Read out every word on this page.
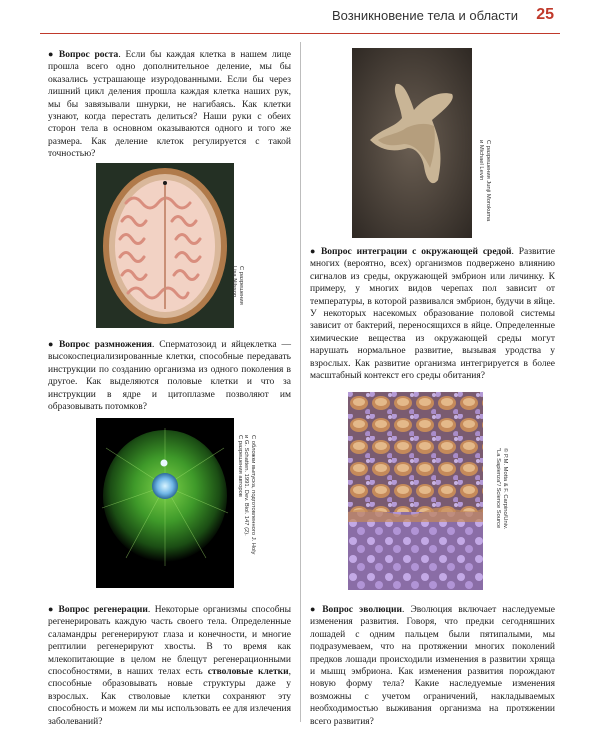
Возникновение тела и области 25

● Вопрос роста. Если бы каждая клетка в нашем лице прошла всего одно дополнительное деление, мы бы оказались устрашающе изуродованными. Если бы через лишний цикл деления прошла каждая клетка наших рук, мы бы завязывали шнурки, не нагибаясь. Как клетки узнают, когда перестать делиться? Наши руки с обеих сторон тела в основном оказываются одного и того же размера. Как деление клеток регулируется с такой точностью?

С разрешения
Lisa Nilsson

● Вопрос размножения. Сперматозоид и яйцеклетка — высокоспециализированные клетки, способные передавать инструкции по созданию организма из одного поколения в другое. Как выделяются половые клетки и что за инструкции в ядре и цитоплазме позволяют им образовывать потомков?

С обложки выпуска, подготовленного J. Holy
и G. Schatten. 1991. Dev. Biol. 147 (2).
С разрешения авторов

● Вопрос регенерации. Некоторые организмы способны регенерировать каждую часть своего тела. Определенные саламандры регенерируют глаза и конечности, и многие рептилии регенерируют хвосты. В то время как млекопитающие в целом не блещут регенерационными способностями, в наших телах есть стволовые клетки, способные образовывать новые структуры даже у взрослых. Как стволовые клетки сохраняют эту способность и можем ли мы использовать ее для излечения заболеваний?

С разрешения Junji Morokuma
и Michael Levin

● Вопрос интеграции с окружающей средой. Развитие многих (вероятно, всех) организмов подвержено влиянию сигналов из среды, окружающей эмбрион или личинку. К примеру, у многих видов черепах пол зависит от температуры, в которой развивался эмбрион, будучи в яйце. У некоторых насекомых образование половой системы зависит от бактерий, переносящихся в яйце. Определенные химические вещества из окружающей среды могут нарушать нормальное развитие, вызывая уродства у взрослых. Как развитие организма интегрируется в более масштабный контекст его среды обитания?

© P.M. Motta & F. Carpino/Univ.
"La Sapienza"/ Science Source

● Вопрос эволюции. Эволюция включает наследуемые изменения развития. Говоря, что предки сегодняшних лошадей с одним пальцем были пятипалыми, мы подразумеваем, что на протяжении многих поколений предков лошади происходили изменения в развитии хряща и мышц эмбриона. Как изменения развития порождают новую форму тела? Какие наследуемые изменения возможны с учетом ограничений, накладываемых необходимостью выживания организма на протяжении всего развития?
